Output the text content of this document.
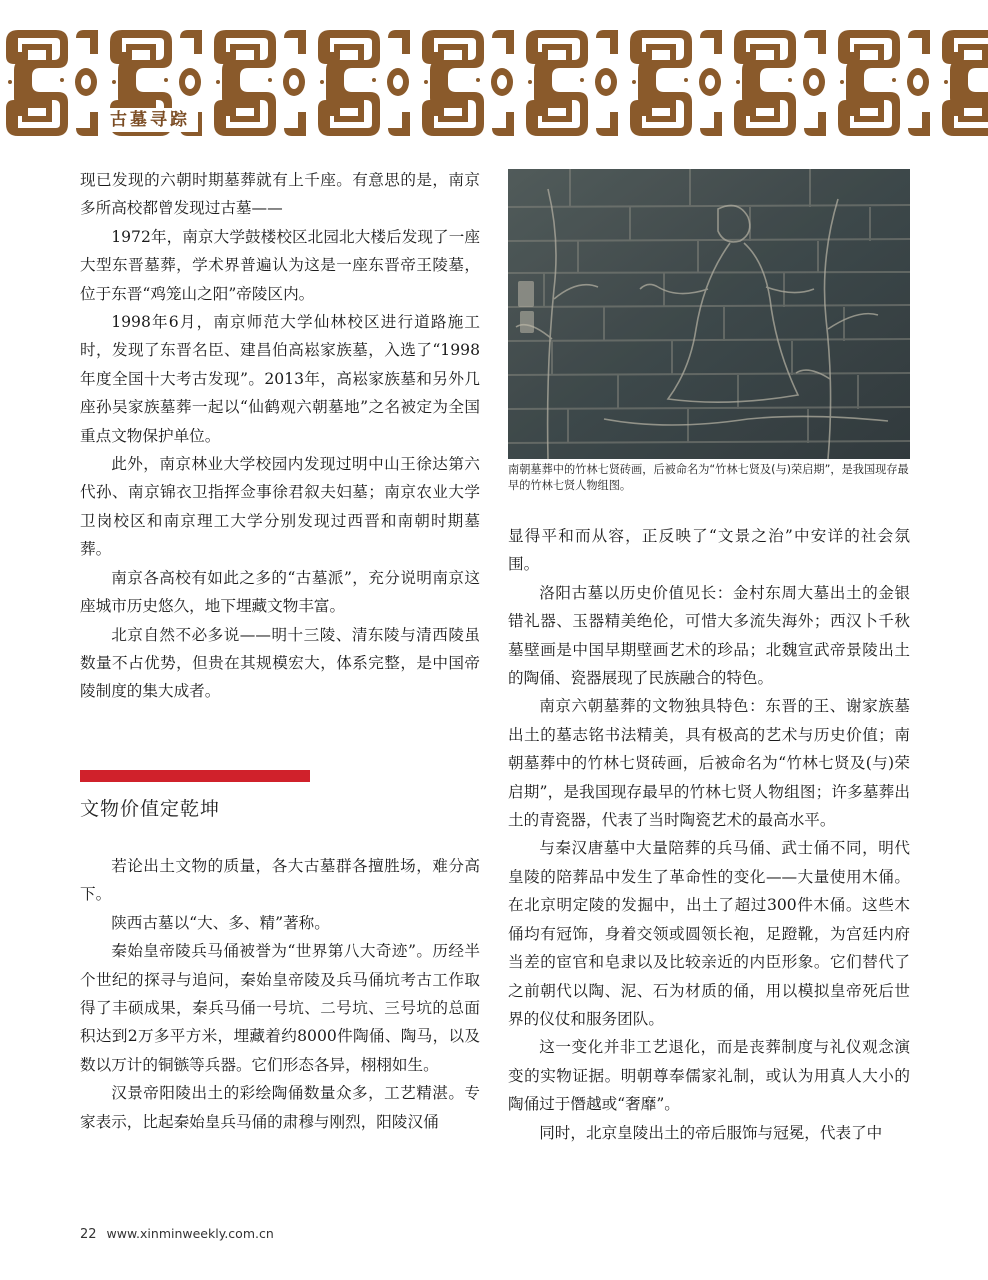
古墓寻踪

现已发现的六朝时期墓葬就有上千座。有意思的是，南京多所高校都曾发现过古墓——

1972年，南京大学鼓楼校区北园北大楼后发现了一座大型东晋墓葬，学术界普遍认为这是一座东晋帝王陵墓，位于东晋“鸡笼山之阳”帝陵区内。

1998年6月，南京师范大学仙林校区进行道路施工时，发现了东晋名臣、建昌伯高崧家族墓，入选了“1998年度全国十大考古发现”。2013年，高崧家族墓和另外几座孙吴家族墓葬一起以“仙鹤观六朝墓地”之名被定为全国重点文物保护单位。

此外，南京林业大学校园内发现过明中山王徐达第六代孙、南京锦衣卫指挥佥事徐君叙夫妇墓；南京农业大学卫岗校区和南京理工大学分别发现过西晋和南朝时期墓葬。

南京各高校有如此之多的“古墓派”，充分说明南京这座城市历史悠久，地下埋藏文物丰富。

北京自然不必多说——明十三陵、清东陵与清西陵虽数量不占优势，但贵在其规模宏大，体系完整，是中国帝陵制度的集大成者。

文物价值定乾坤

若论出土文物的质量，各大古墓群各擅胜场，难分高下。

陕西古墓以“大、多、精”著称。

秦始皇帝陵兵马俑被誉为“世界第八大奇迹”。历经半个世纪的探寻与追问，秦始皇帝陵及兵马俑坑考古工作取得了丰硕成果，秦兵马俑一号坑、二号坑、三号坑的总面积达到2万多平方米，埋藏着约8000件陶俑、陶马，以及数以万计的铜镞等兵器。它们形态各异，栩栩如生。

汉景帝阳陵出土的彩绘陶俑数量众多，工艺精湛。专家表示，比起秦始皇兵马俑的肃穆与刚烈，阳陵汉俑

南朝墓葬中的竹林七贤砖画，后被命名为“竹林七贤及(与)荣启期”，是我国现存最早的竹林七贤人物组图。

显得平和而从容，正反映了“文景之治”中安详的社会氛围。

洛阳古墓以历史价值见长：金村东周大墓出土的金银错礼器、玉器精美绝伦，可惜大多流失海外；西汉卜千秋墓壁画是中国早期壁画艺术的珍品；北魏宣武帝景陵出土的陶俑、瓷器展现了民族融合的特色。

南京六朝墓葬的文物独具特色：东晋的王、谢家族墓出土的墓志铭书法精美，具有极高的艺术与历史价值；南朝墓葬中的竹林七贤砖画，后被命名为“竹林七贤及(与)荣启期”，是我国现存最早的竹林七贤人物组图；许多墓葬出土的青瓷器，代表了当时陶瓷艺术的最高水平。

与秦汉唐墓中大量陪葬的兵马俑、武士俑不同，明代皇陵的陪葬品中发生了革命性的变化——大量使用木俑。在北京明定陵的发掘中，出土了超过300件木俑。这些木俑均有冠饰，身着交领或圆领长袍，足蹬靴，为宫廷内府当差的宦官和皂隶以及比较亲近的内臣形象。它们替代了之前朝代以陶、泥、石为材质的俑，用以模拟皇帝死后世界的仪仗和服务团队。

这一变化并非工艺退化，而是丧葬制度与礼仪观念演变的实物证据。明朝尊奉儒家礼制，或认为用真人大小的陶俑过于僭越或“奢靡”。

同时，北京皇陵出土的帝后服饰与冠冕，代表了中

22 www.xinminweekly.com.cn
